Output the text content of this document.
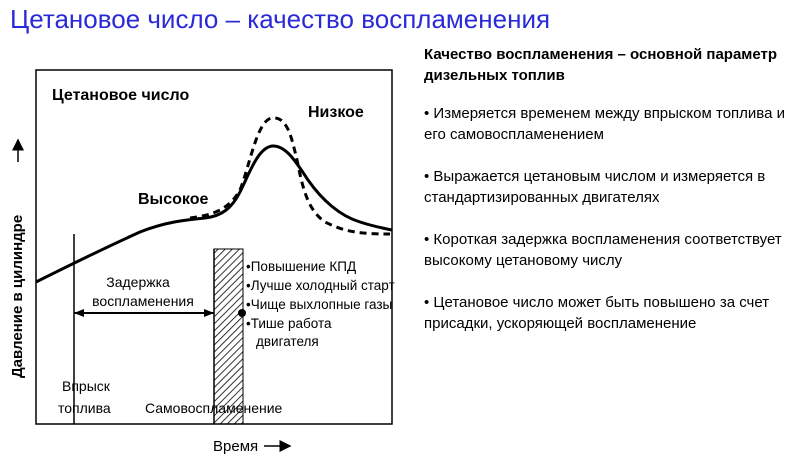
Цетановое число – качество воспламенения
Цетановое число
Низкое
Высокое
Давление в цилиндре
Время
Задержка воспламенения
•Повышение КПД •Лучше холодный старт •Чище выхлопные газы •Тише работа двигателя
Впрыск топлива Самовоспламенение

Качество воспламенения – основной параметр дизельных топлив

• Измеряется временем между впрыском топлива и его самовоспламенением

• Выражается цетановым числом и измеряется в стандартизированных двигателях

• Короткая задержка воспламенения соответствует высокому цетановому числу

• Цетановое число может быть повышено за счет присадки, ускоряющей воспламенение
